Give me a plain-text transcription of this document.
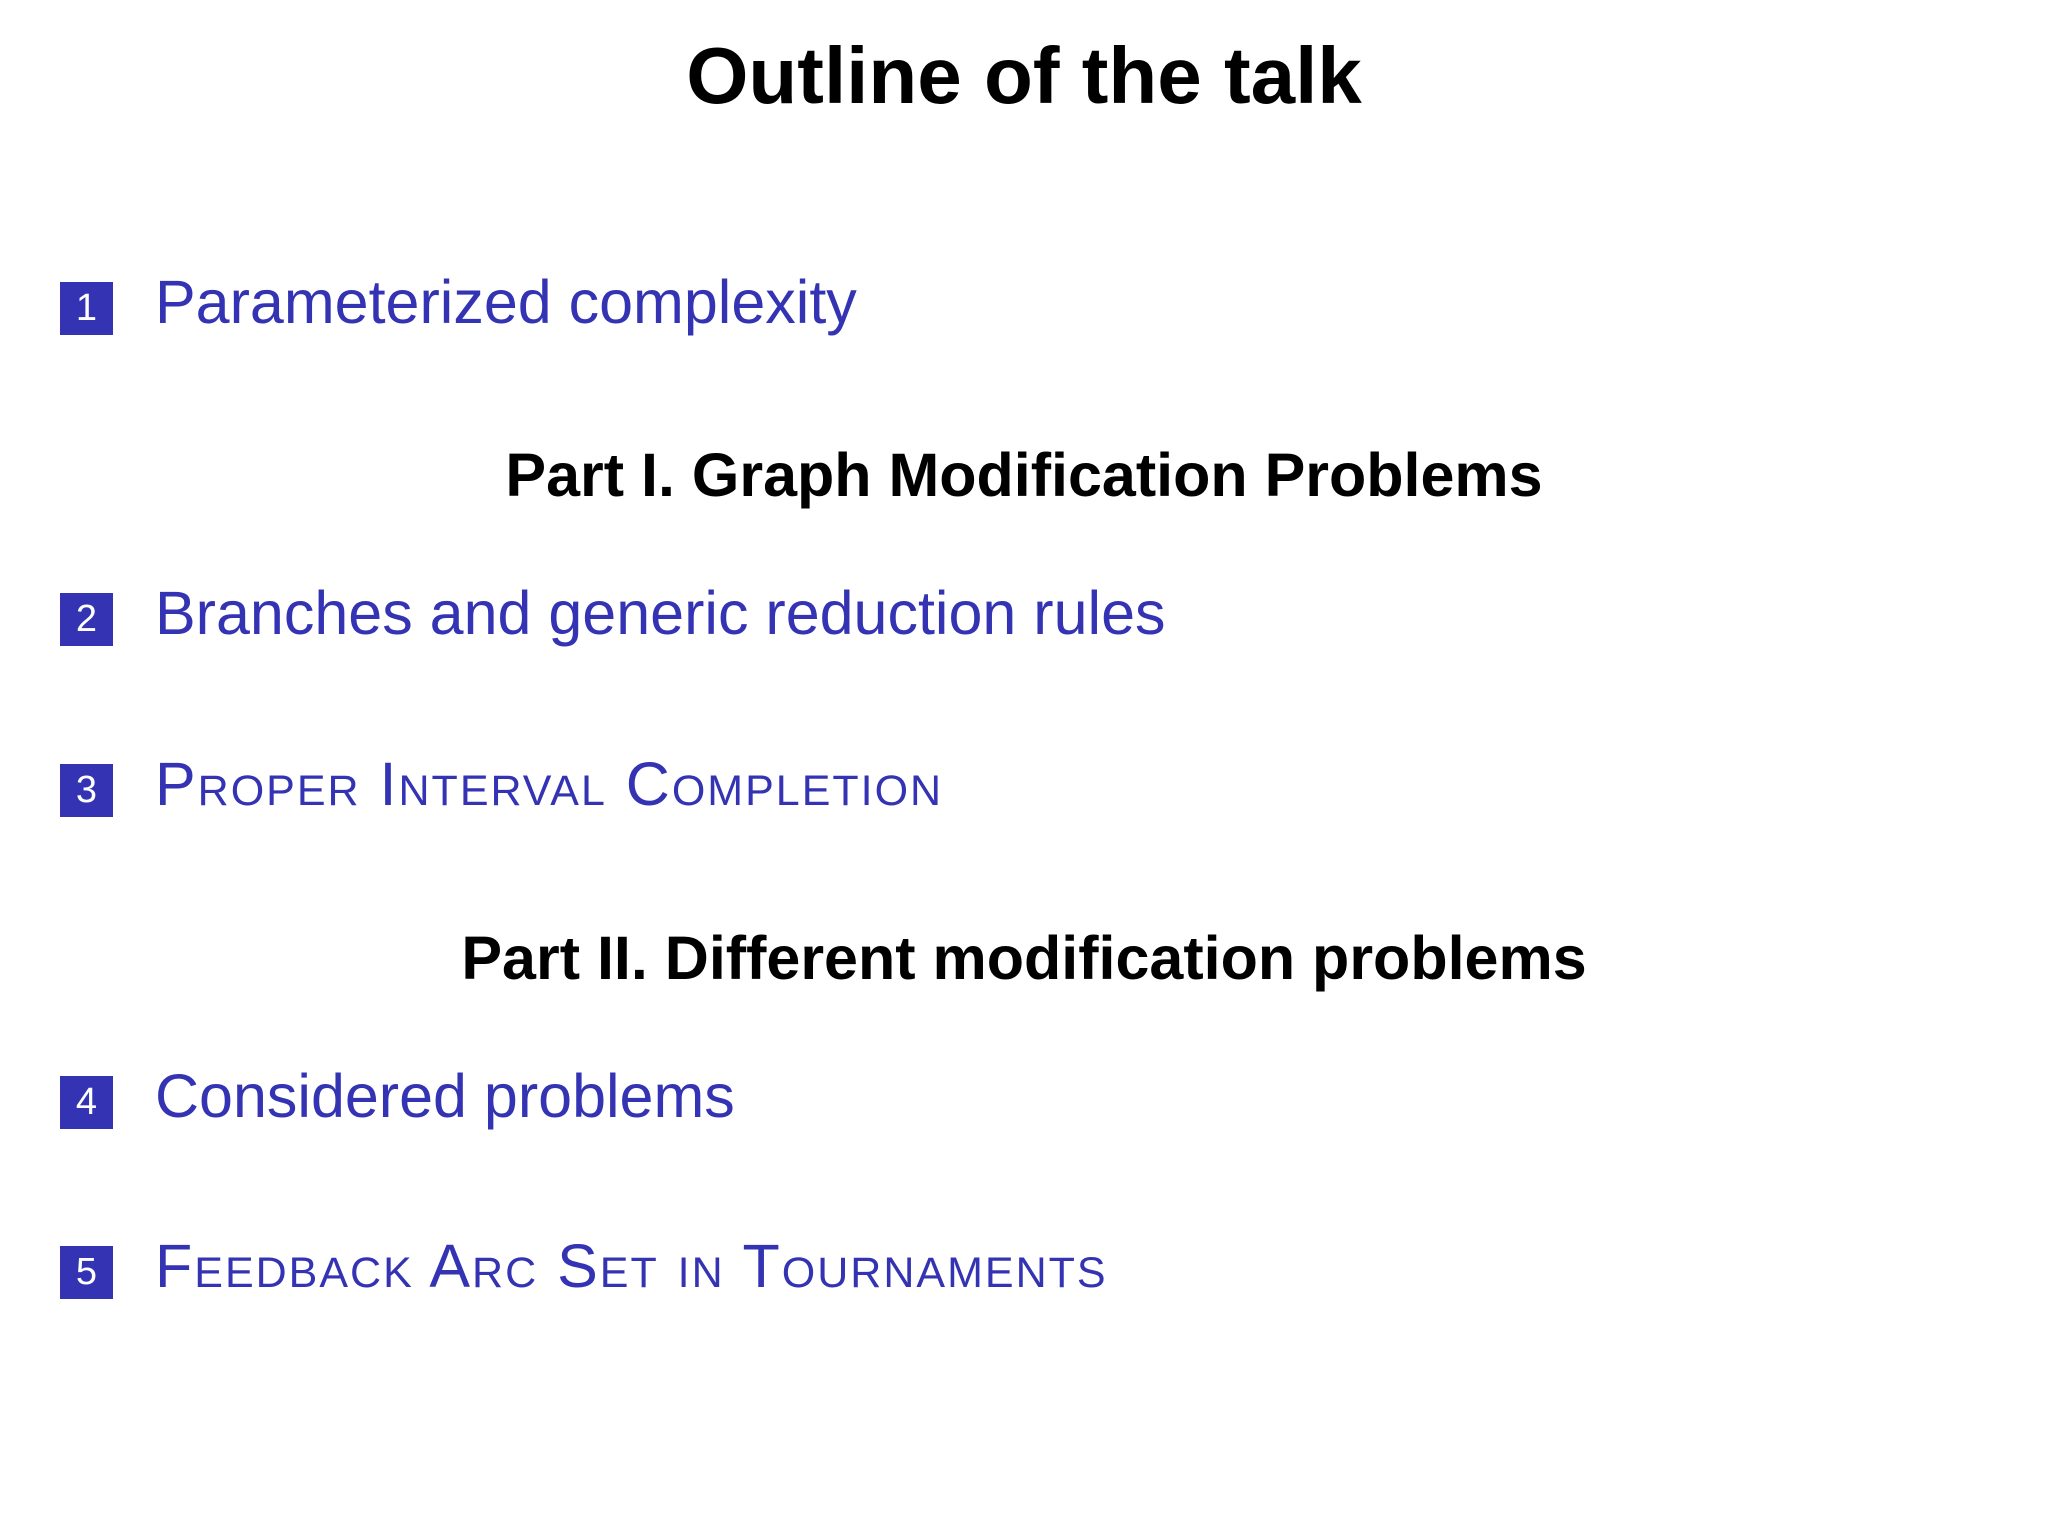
Outline of the talk
1 Parameterized complexity
Part I. Graph Modification Problems
2 Branches and generic reduction rules
3 Proper Interval Completion
Part II. Different modification problems
4 Considered problems
5 Feedback Arc Set in Tournaments
